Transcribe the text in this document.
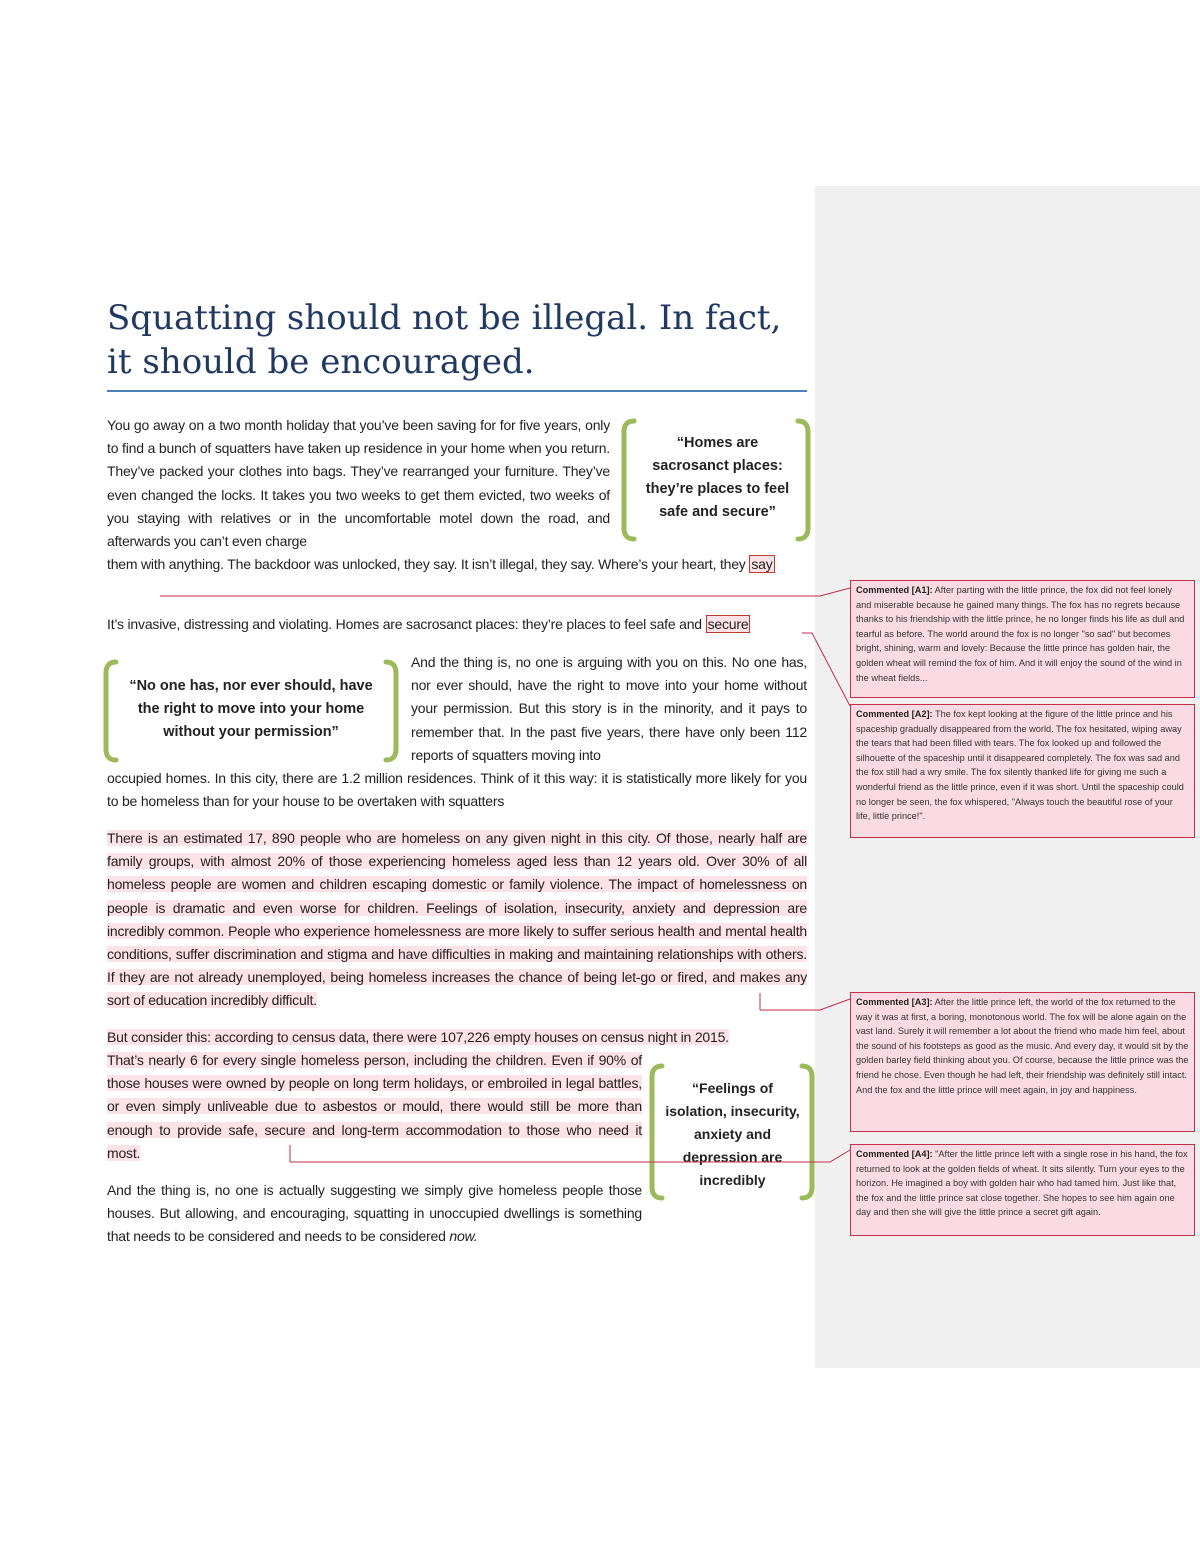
Squatting should not be illegal. In fact, it should be encouraged.

You go away on a two month holiday that you’ve been saving for for five years, only to find a bunch of squatters have taken up residence in your home when you return. They’ve packed your clothes into bags. They’ve rearranged your furniture. They’ve even changed the locks. It takes you two weeks to get them evicted, two weeks of you staying with relatives or in the uncomfortable motel down the road, and afterwards you can’t even charge

them with anything. The backdoor was unlocked, they say. It isn’t illegal, they say. Where’s your heart, they say

It’s invasive, distressing and violating. Homes are sacrosanct places: they’re places to feel safe and secure

And the thing is, no one is arguing with you on this. No one has, nor ever should, have the right to move into your home without your permission. But this story is in the minority, and it pays to remember that. In the past five years, there have only been 112 reports of squatters moving into

occupied homes. In this city, there are 1.2 million residences. Think of it this way: it is statistically more likely for you to be homeless than for your house to be overtaken with squatters

There is an estimated 17, 890 people who are homeless on any given night in this city. Of those, nearly half are family groups, with almost 20% of those experiencing homeless aged less than 12 years old. Over 30% of all homeless people are women and children escaping domestic or family violence. The impact of homelessness on people is dramatic and even worse for children. Feelings of isolation, insecurity, anxiety and depression are incredibly common. People who experience homelessness are more likely to suffer serious health and mental health conditions, suffer discrimination and stigma and have difficulties in making and maintaining relationships with others. If they are not already unemployed, being homeless increases the chance of being let-go or fired, and makes any sort of education incredibly difficult.

But consider this: according to census data, there were 107,226 empty houses on census night in 2015.

That’s nearly 6 for every single homeless person, including the children. Even if 90% of those houses were owned by people on long term holidays, or embroiled in legal battles, or even simply unliveable due to asbestos or mould, there would still be more than enough to provide safe, secure and long-term accommodation to those who need it most.

And the thing is, no one is actually suggesting we simply give homeless people those houses. But allowing, and encouraging, squatting in unoccupied dwellings is something that needs to be considered and needs to be considered now.

“Homes are sacrosanct places: they’re places to feel safe and secure”
“No one has, nor ever should, have the right to move into your home without your permission”
“Feelings of isolation, insecurity, anxiety and depression are incredibly
Commented [A1]: After parting with the little prince, the fox did not feel lonely and miserable because he gained many things. The fox has no regrets because thanks to his friendship with the little prince, he no longer finds his life as dull and tearful as before. The world around the fox is no longer "so sad" but becomes bright, shining, warm and lovely: Because the little prince has golden hair, the golden wheat will remind the fox of him. And it will enjoy the sound of the wind in the wheat fields...
Commented [A2]: The fox kept looking at the figure of the little prince and his spaceship gradually disappeared from the world. The fox hesitated, wiping away the tears that had been filled with tears. The fox looked up and followed the silhouette of the spaceship until it disappeared completely. The fox was sad and the fox still had a wry smile. The fox silently thanked life for giving me such a wonderful friend as the little prince, even if it was short. Until the spaceship could no longer be seen, the fox whispered, "Always touch the beautiful rose of your life, little prince!".
Commented [A3]: After the little prince left, the world of the fox returned to the way it was at first, a boring, monotonous world. The fox will be alone again on the vast land. Surely it will remember a lot about the friend who made him feel, about the sound of his footsteps as good as the music. And every day, it would sit by the golden barley field thinking about you. Of course, because the little prince was the friend he chose. Even though he had left, their friendship was definitely still intact. And the fox and the little prince will meet again, in joy and happiness.
Commented [A4]: "After the little prince left with a single rose in his hand, the fox returned to look at the golden fields of wheat. It sits silently. Turn your eyes to the horizon. He imagined a boy with golden hair who had tamed him. Just like that, the fox and the little prince sat close together. She hopes to see him again one day and then she will give the little prince a secret gift again.
